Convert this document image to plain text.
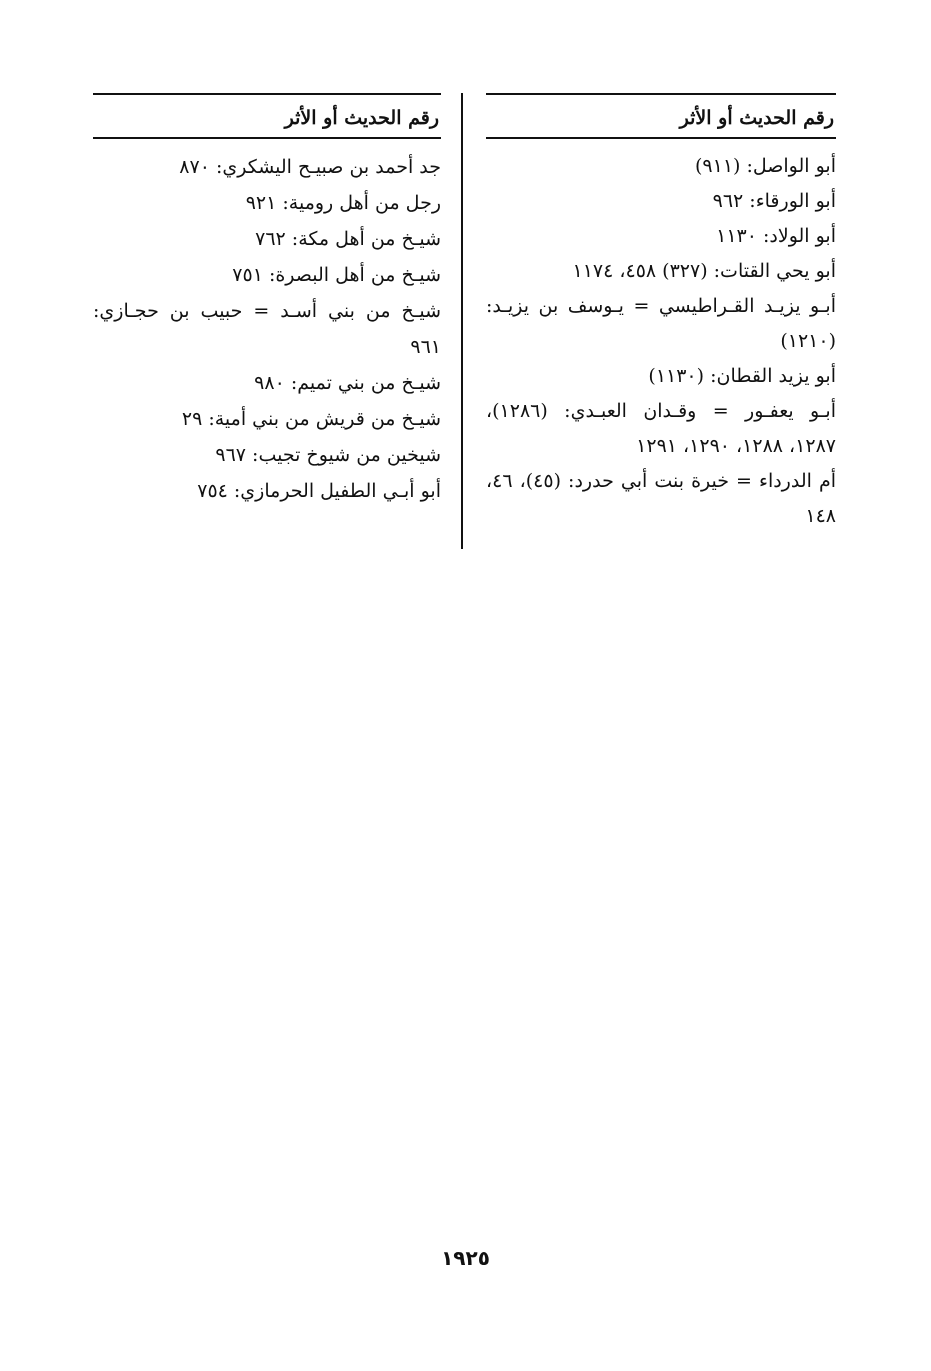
رقم الحديث أو الأثر
أبو الواصل: (٩١١)
أبو الورقاء: ٩٦٢
أبو الولاد: ١١٣٠
أبو يحي القتات: (٣٢٧) ٤٥٨، ١١٧٤
أبـو يزيـد القـراطيسي = يـوسف بن يزيـد: (١٢١٠)
أبو يزيد القطان: (١١٣٠)
أبـو يعفـور = وقـدان العبـدي: (١٢٨٦)، ١٢٨٧، ١٢٨٨، ١٢٩٠، ١٢٩١
أم الدرداء = خيرة بنت أبي حدرد: (٤٥)، ٤٦، ١٤٨
رقم الحديث أو الأثر
جد أحمد بن صبيـح اليشكري: ٨٧٠
رجل من أهل رومية: ٩٢١
شيـخ من أهل مكة: ٧٦٢
شيـخ من أهل البصرة: ٧٥١
شيـخ من بني أسـد = حبيب بن حجـازي: ٩٦١
شيـخ من بني تميم: ٩٨٠
شيـخ من قريش من بني أمية: ٢٩
شيخين من شيوخ تجيب: ٩٦٧
أبو أبـي الطفيل الحرمازي: ٧٥٤
١٩٢٥
